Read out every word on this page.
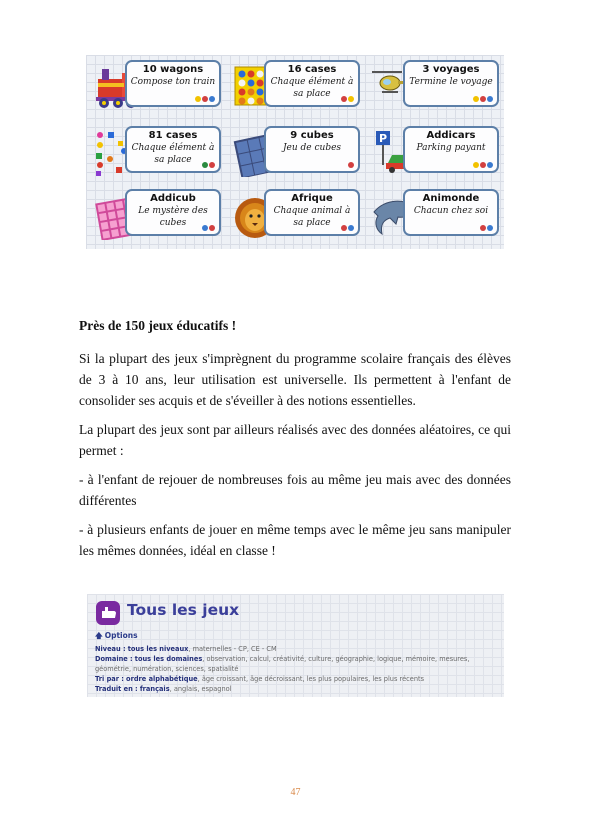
10 wagons
Compose ton train
16 cases
Chaque élément à sa place
3 voyages
Termine le voyage
81 cases
Chaque élément à sa place
9 cubes
Jeu de cubes
P	Addicars
Parking payant
Addicub
Le mystère des cubes
Afrique
Chaque animal à sa place
Animonde
Chacun chez soi
Près de 150 jeux éducatifs !

Si la plupart des jeux s'imprègnent du programme scolaire français des élèves de 3 à 10 ans, leur utilisation est universelle. Ils permettent à l'enfant de consolider ses acquis et de s'éveiller à des notions essentielles.

La plupart des jeux sont par ailleurs réalisés avec des données aléatoires, ce qui permet :

- à l'enfant de rejouer de nombreuses fois au même jeu mais avec des données différentes

- à plusieurs enfants de jouer en même temps avec le même jeu sans manipuler les mêmes données, idéal en classe !

Tous les jeux
🡅 Options
Niveau : tous les niveaux, maternelles - CP, CE - CM
Domaine : tous les domaines, observation, calcul, créativité, culture, géographie, logique, mémoire, mesures, géométrie, numération, sciences, spatialité
Tri par : ordre alphabétique, âge croissant, âge décroissant, les plus populaires, les plus récents
Traduit en : français, anglais, espagnol
47
